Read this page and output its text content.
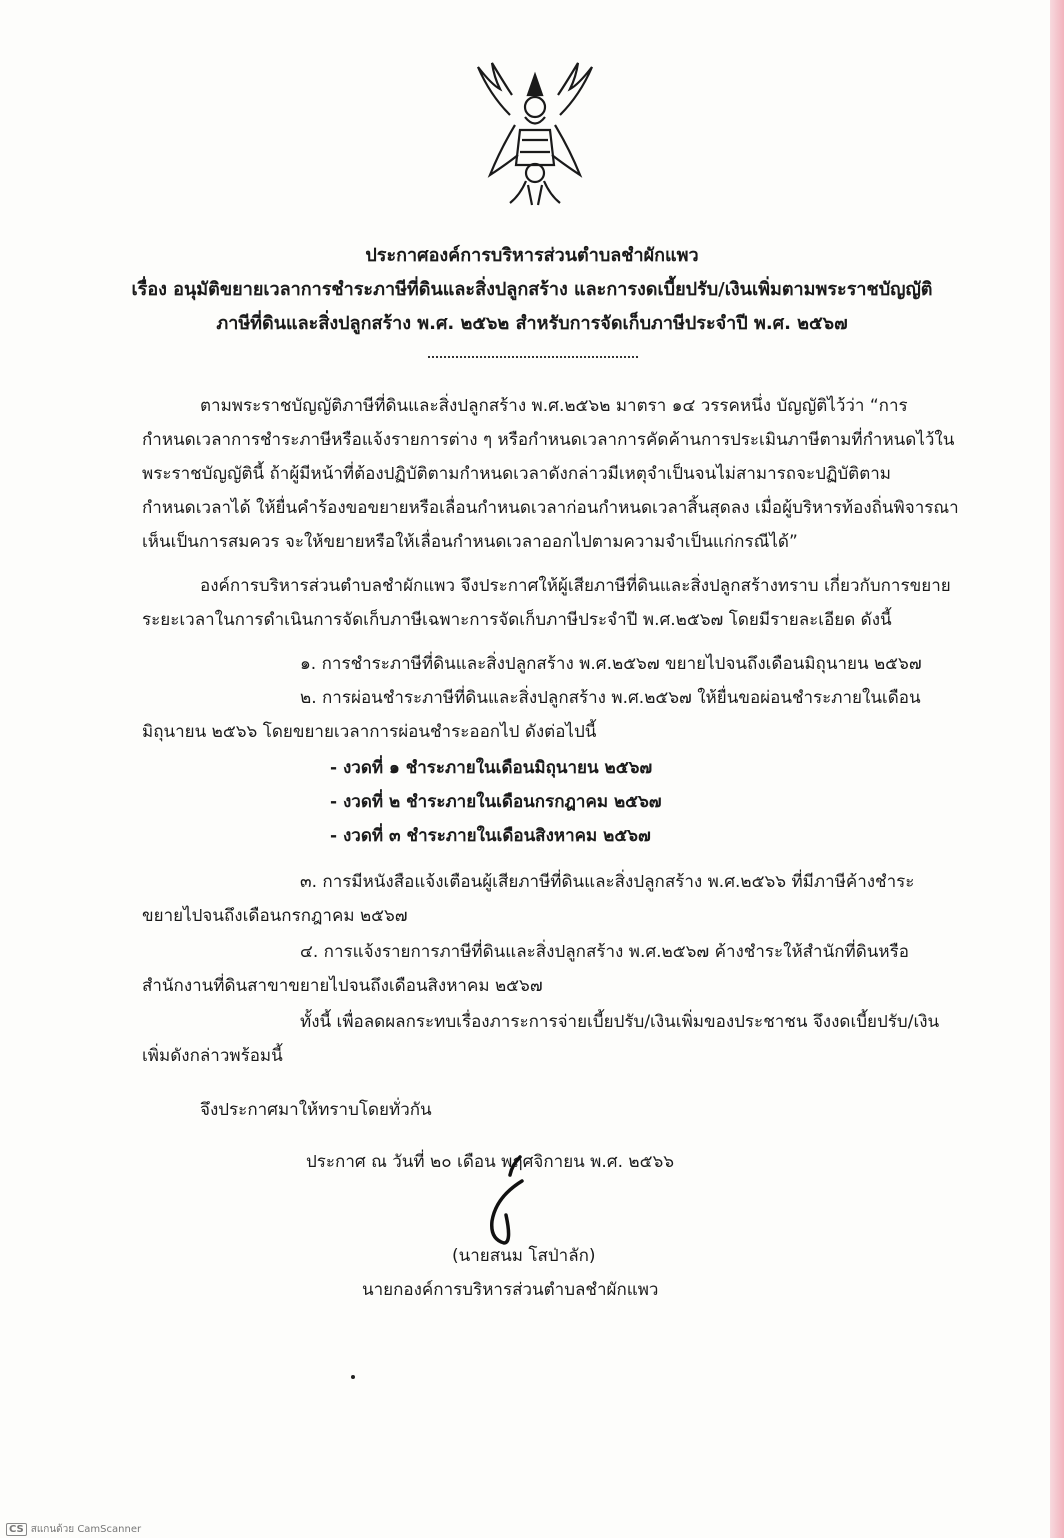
ประกาศองค์การบริหารส่วนตำบลชำผักแพว
เรื่อง อนุมัติขยายเวลาการชำระภาษีที่ดินและสิ่งปลูกสร้าง และการงดเบี้ยปรับ/เงินเพิ่มตามพระราชบัญญัติ
ภาษีที่ดินและสิ่งปลูกสร้าง พ.ศ. ๒๕๖๒ สำหรับการจัดเก็บภาษีประจำปี พ.ศ. ๒๕๖๗
ตามพระราชบัญญัติภาษีที่ดินและสิ่งปลูกสร้าง พ.ศ.๒๕๖๒ มาตรา ๑๔ วรรคหนึ่ง บัญญัติไว้ว่า “การ
กำหนดเวลาการชำระภาษีหรือแจ้งรายการต่าง ๆ หรือกำหนดเวลาการคัดค้านการประเมินภาษีตามที่กำหนดไว้ใน
พระราชบัญญัตินี้ ถ้าผู้มีหน้าที่ต้องปฏิบัติตามกำหนดเวลาดังกล่าวมีเหตุจำเป็นจนไม่สามารถจะปฏิบัติตาม
กำหนดเวลาได้ ให้ยื่นคำร้องขอขยายหรือเลื่อนกำหนดเวลาก่อนกำหนดเวลาสิ้นสุดลง เมื่อผู้บริหารท้องถิ่นพิจารณา
เห็นเป็นการสมควร จะให้ขยายหรือให้เลื่อนกำหนดเวลาออกไปตามความจำเป็นแก่กรณีได้”
องค์การบริหารส่วนตำบลชำผักแพว จึงประกาศให้ผู้เสียภาษีที่ดินและสิ่งปลูกสร้างทราบ เกี่ยวกับการขยาย
ระยะเวลาในการดำเนินการจัดเก็บภาษีเฉพาะการจัดเก็บภาษีประจำปี พ.ศ.๒๕๖๗ โดยมีรายละเอียด ดังนี้
๑. การชำระภาษีที่ดินและสิ่งปลูกสร้าง พ.ศ.๒๕๖๗ ขยายไปจนถึงเดือนมิถุนายน ๒๕๖๗
๒. การผ่อนชำระภาษีที่ดินและสิ่งปลูกสร้าง พ.ศ.๒๕๖๗ ให้ยื่นขอผ่อนชำระภายในเดือน
มิถุนายน ๒๕๖๖ โดยขยายเวลาการผ่อนชำระออกไป ดังต่อไปนี้
- งวดที่ ๑ ชำระภายในเดือนมิถุนายน ๒๕๖๗
- งวดที่ ๒ ชำระภายในเดือนกรกฎาคม ๒๕๖๗
- งวดที่ ๓ ชำระภายในเดือนสิงหาคม ๒๕๖๗
๓. การมีหนังสือแจ้งเตือนผู้เสียภาษีที่ดินและสิ่งปลูกสร้าง พ.ศ.๒๕๖๖ ที่มีภาษีค้างชำระ
ขยายไปจนถึงเดือนกรกฎาคม ๒๕๖๗
๔. การแจ้งรายการภาษีที่ดินและสิ่งปลูกสร้าง พ.ศ.๒๕๖๗ ค้างชำระให้สำนักที่ดินหรือ
สำนักงานที่ดินสาขาขยายไปจนถึงเดือนสิงหาคม ๒๕๖๗
ทั้งนี้ เพื่อลดผลกระทบเรื่องภาระการจ่ายเบี้ยปรับ/เงินเพิ่มของประชาชน จึงงดเบี้ยปรับ/เงิน
เพิ่มดังกล่าวพร้อมนี้
จึงประกาศมาให้ทราบโดยทั่วกัน
ประกาศ ณ วันที่ ๒๐ เดือน พฤศจิกายน พ.ศ. ๒๕๖๖
(นายสนม โสป่าลัก)
นายกองค์การบริหารส่วนตำบลชำผักแพว
CS สแกนด้วย CamScanner
